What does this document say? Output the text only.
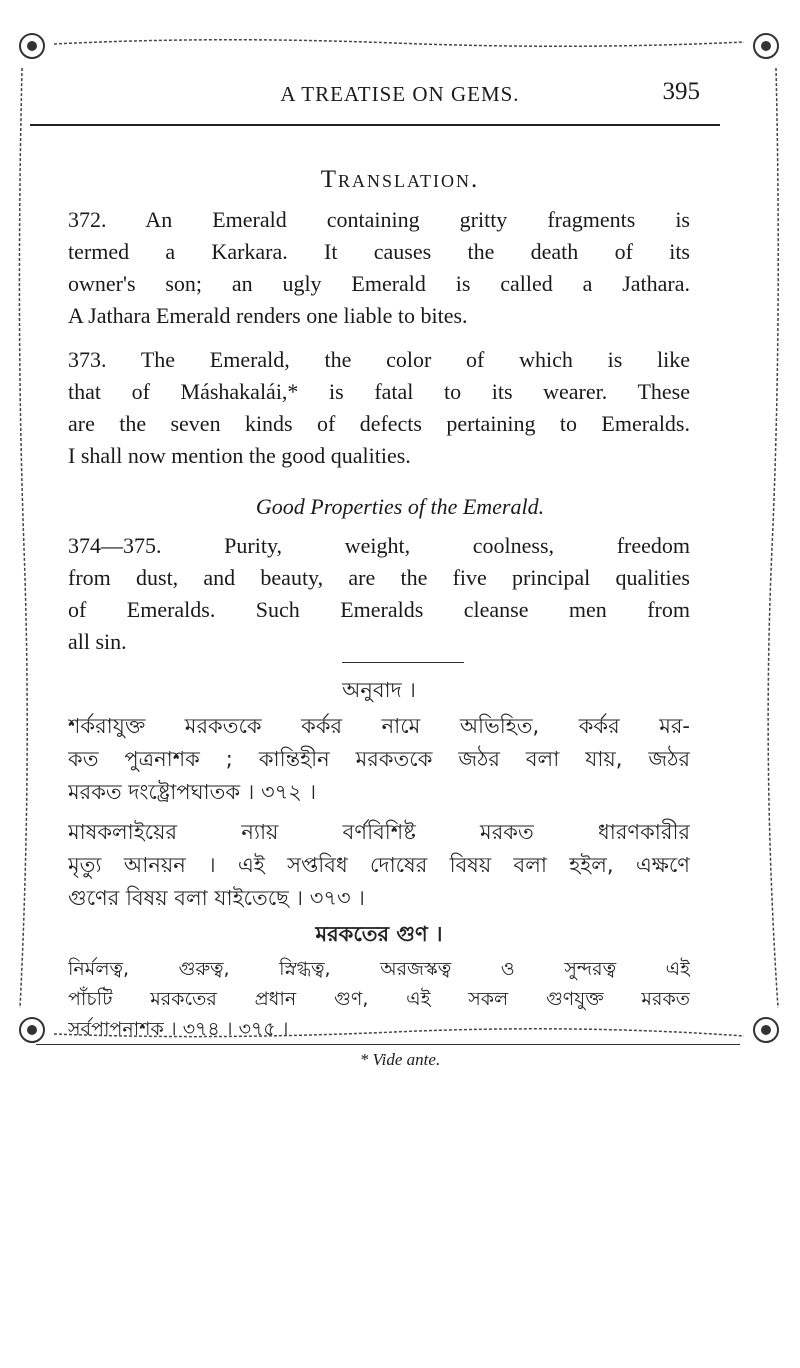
A TREATISE ON GEMS.	395
Translation.
372. An Emerald containing gritty fragments is
termed a Karkara. It causes the death of its
owner's son; an ugly Emerald is called a Jathara.
A Jathara Emerald renders one liable to bites.
373. The Emerald, the color of which is like
that of Máshakalái,* is fatal to its wearer. These
are the seven kinds of defects pertaining to Emeralds.
I shall now mention the good qualities.
Good Properties of the Emerald.
374—375. Purity, weight, coolness, freedom
from dust, and beauty, are the five principal qualities
of Emeralds. Such Emeralds cleanse men from
all sin.
অনুবাদ ।
শর্করাযুক্ত মরকতকে কর্কর নামে অভিহিত, কর্কর মর-
কত পুত্রনাশক ; কান্তিহীন মরকতকে জঠর বলা যায়, জঠর
মরকত দংষ্ট্রোপঘাতক । ৩৭২ ।
মাষকলাইয়ের ন্যায় বর্ণবিশিষ্ট মরকত ধারণকারীর
মৃত্যু আনয়ন । এই সপ্তবিধ দোষের বিষয় বলা হইল, এক্ষণে
গুণের বিষয় বলা যাইতেছে । ৩৭৩ ।
মরকতের গুণ ।
নির্মলত্ব, গুরুত্ব, স্নিগ্ধত্ব, অরজস্কত্ব ও সুন্দরত্ব এই
পাঁচটি মরকতের প্রধান গুণ, এই সকল গুণযুক্ত মরকত
সর্বপাপনাশক । ৩৭৪ । ৩৭৫ ।
* Vide ante.
